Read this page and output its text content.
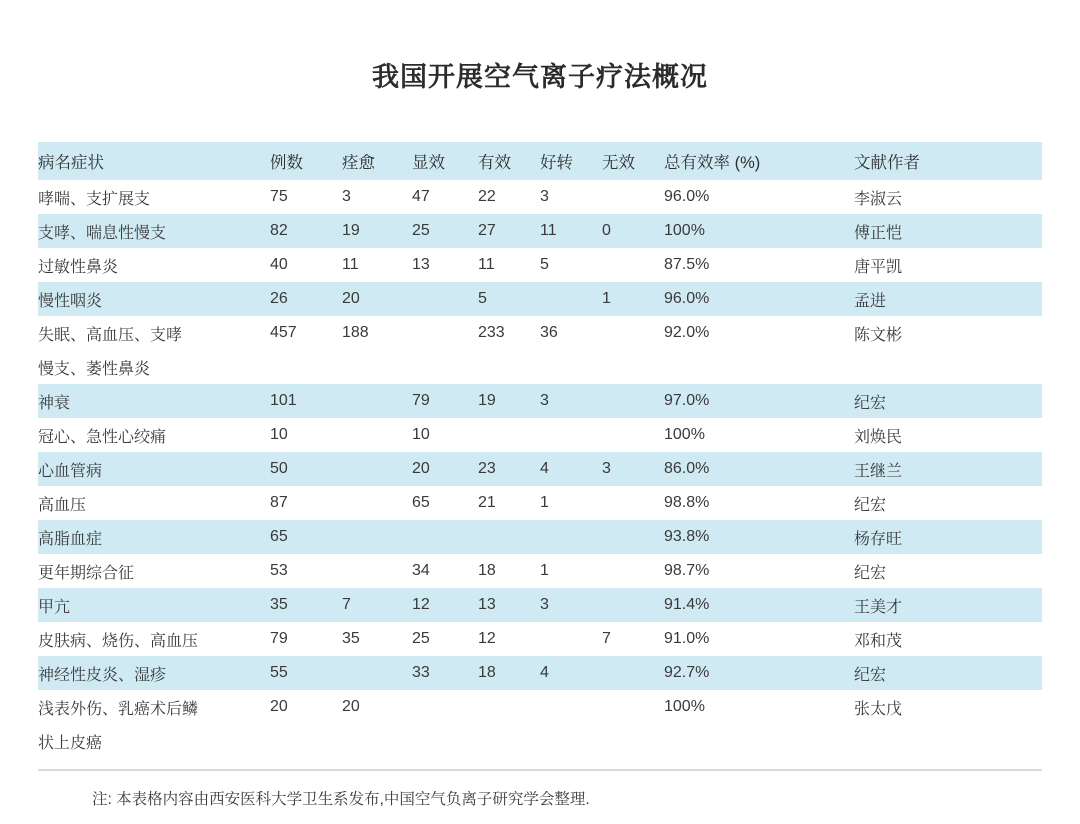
我国开展空气离子疗法概况
病名症状	例数	痊愈	显效	有效	好转	无效	总有效率 (%)	文献作者
哮喘、支扩展支	75	3	47	22	3		96.0%	李淑云
支哮、喘息性慢支	82	19	25	27	11	0	100%	傅正恺
过敏性鼻炎	40	11	13	11	5		87.5%	唐平凯
慢性咽炎	26	20		5		1	96.0%	孟进
失眠、高血压、支哮	457	188		233	36		92.0%	陈文彬
慢支、萎性鼻炎								
神衰	101		79	19	3		97.0%	纪宏
冠心、急性心绞痛	10		10				100%	刘焕民
心血管病	50		20	23	4	3	86.0%	王继兰
高血压	87		65	21	1		98.8%	纪宏
高脂血症	65						93.8%	杨存旺
更年期综合征	53		34	18	1		98.7%	纪宏
甲亢	35	7	12	13	3		91.4%	王美才
皮肤病、烧伤、高血压	79	35	25	12		7	91.0%	邓和茂
神经性皮炎、湿疹	55		33	18	4		92.7%	纪宏
浅表外伤、乳癌术后鳞	20	20					100%	张太戊
状上皮癌								
注: 本表格内容由西安医科大学卫生系发布,中国空气负离子研究学会整理.
